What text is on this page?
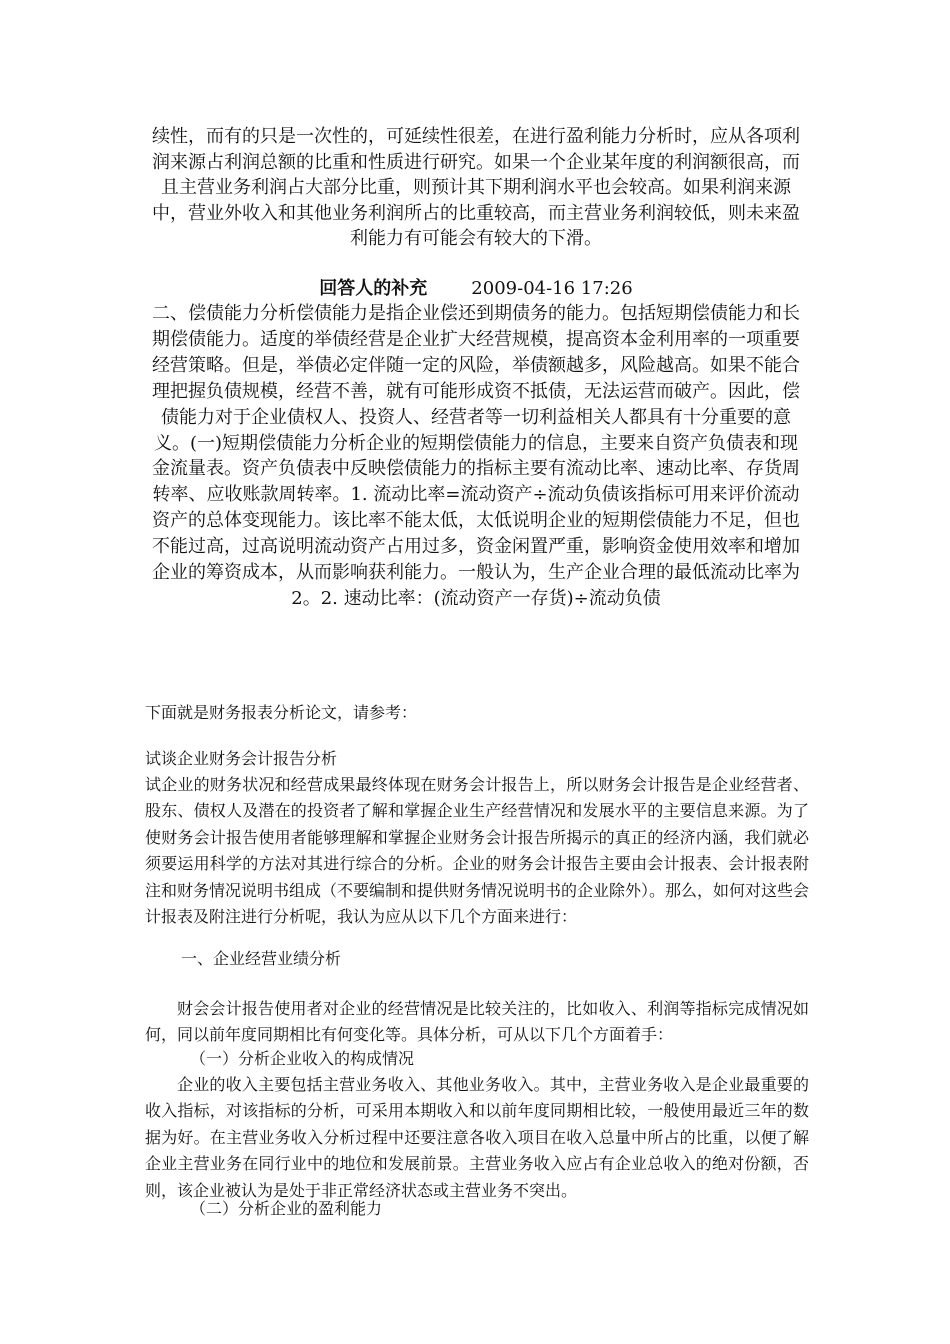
续性，而有的只是一次性的，可延续性很差，在进行盈利能力分析时，应从各项利润来源占利润总额的比重和性质进行研究。如果一个企业某年度的利润额很高，而且主营业务利润占大部分比重，则预计其下期利润水平也会较高。如果利润来源中，营业外收入和其他业务利润所占的比重较高，而主营业务利润较低，则未来盈利能力有可能会有较大的下滑。
回答人的补充 2009-04-16 17:26
二、偿债能力分析偿债能力是指企业偿还到期债务的能力。包括短期偿债能力和长期偿债能力。适度的举债经营是企业扩大经营规模，提高资本金利用率的一项重要经营策略。但是，举债必定伴随一定的风险，举债额越多，风险越高。如果不能合理把握负债规模，经营不善，就有可能形成资不抵债，无法运营而破产。因此，偿债能力对于企业债权人、投资人、经营者等一切利益相关人都具有十分重要的意义。(一)短期偿债能力分析企业的短期偿债能力的信息，主要来自资产负债表和现金流量表。资产负债表中反映偿债能力的指标主要有流动比率、速动比率、存货周转率、应收账款周转率。1. 流动比率=流动资产÷流动负债该指标可用来评价流动资产的总体变现能力。该比率不能太低，太低说明企业的短期偿债能力不足，但也不能过高，过高说明流动资产占用过多，资金闲置严重，影响资金使用效率和增加企业的筹资成本，从而影响获利能力。一般认为，生产企业合理的最低流动比率为2。2. 速动比率：(流动资产一存货)÷流动负债
下面就是财务报表分析论文，请参考：
试谈企业财务会计报告分析
试企业的财务状况和经营成果最终体现在财务会计报告上，所以财务会计报告是企业经营者、股东、债权人及潜在的投资者了解和掌握企业生产经营情况和发展水平的主要信息来源。为了使财务会计报告使用者能够理解和掌握企业财务会计报告所揭示的真正的经济内涵，我们就必须要运用科学的方法对其进行综合的分析。企业的财务会计报告主要由会计报表、会计报表附注和财务情况说明书组成（不要编制和提供财务情况说明书的企业除外）。那么，如何对这些会计报表及附注进行分析呢，我认为应从以下几个方面来进行：
一、企业经营业绩分析
财会会计报告使用者对企业的经营情况是比较关注的，比如收入、利润等指标完成情况如何，同以前年度同期相比有何变化等。具体分析，可从以下几个方面着手：
（一）分析企业收入的构成情况
企业的收入主要包括主营业务收入、其他业务收入。其中，主营业务收入是企业最重要的收入指标，对该指标的分析，可采用本期收入和以前年度同期相比较，一般使用最近三年的数据为好。在主营业务收入分析过程中还要注意各收入项目在收入总量中所占的比重，以便了解企业主营业务在同行业中的地位和发展前景。主营业务收入应占有企业总收入的绝对份额，否则，该企业被认为是处于非正常经济状态或主营业务不突出。
（二）分析企业的盈利能力
